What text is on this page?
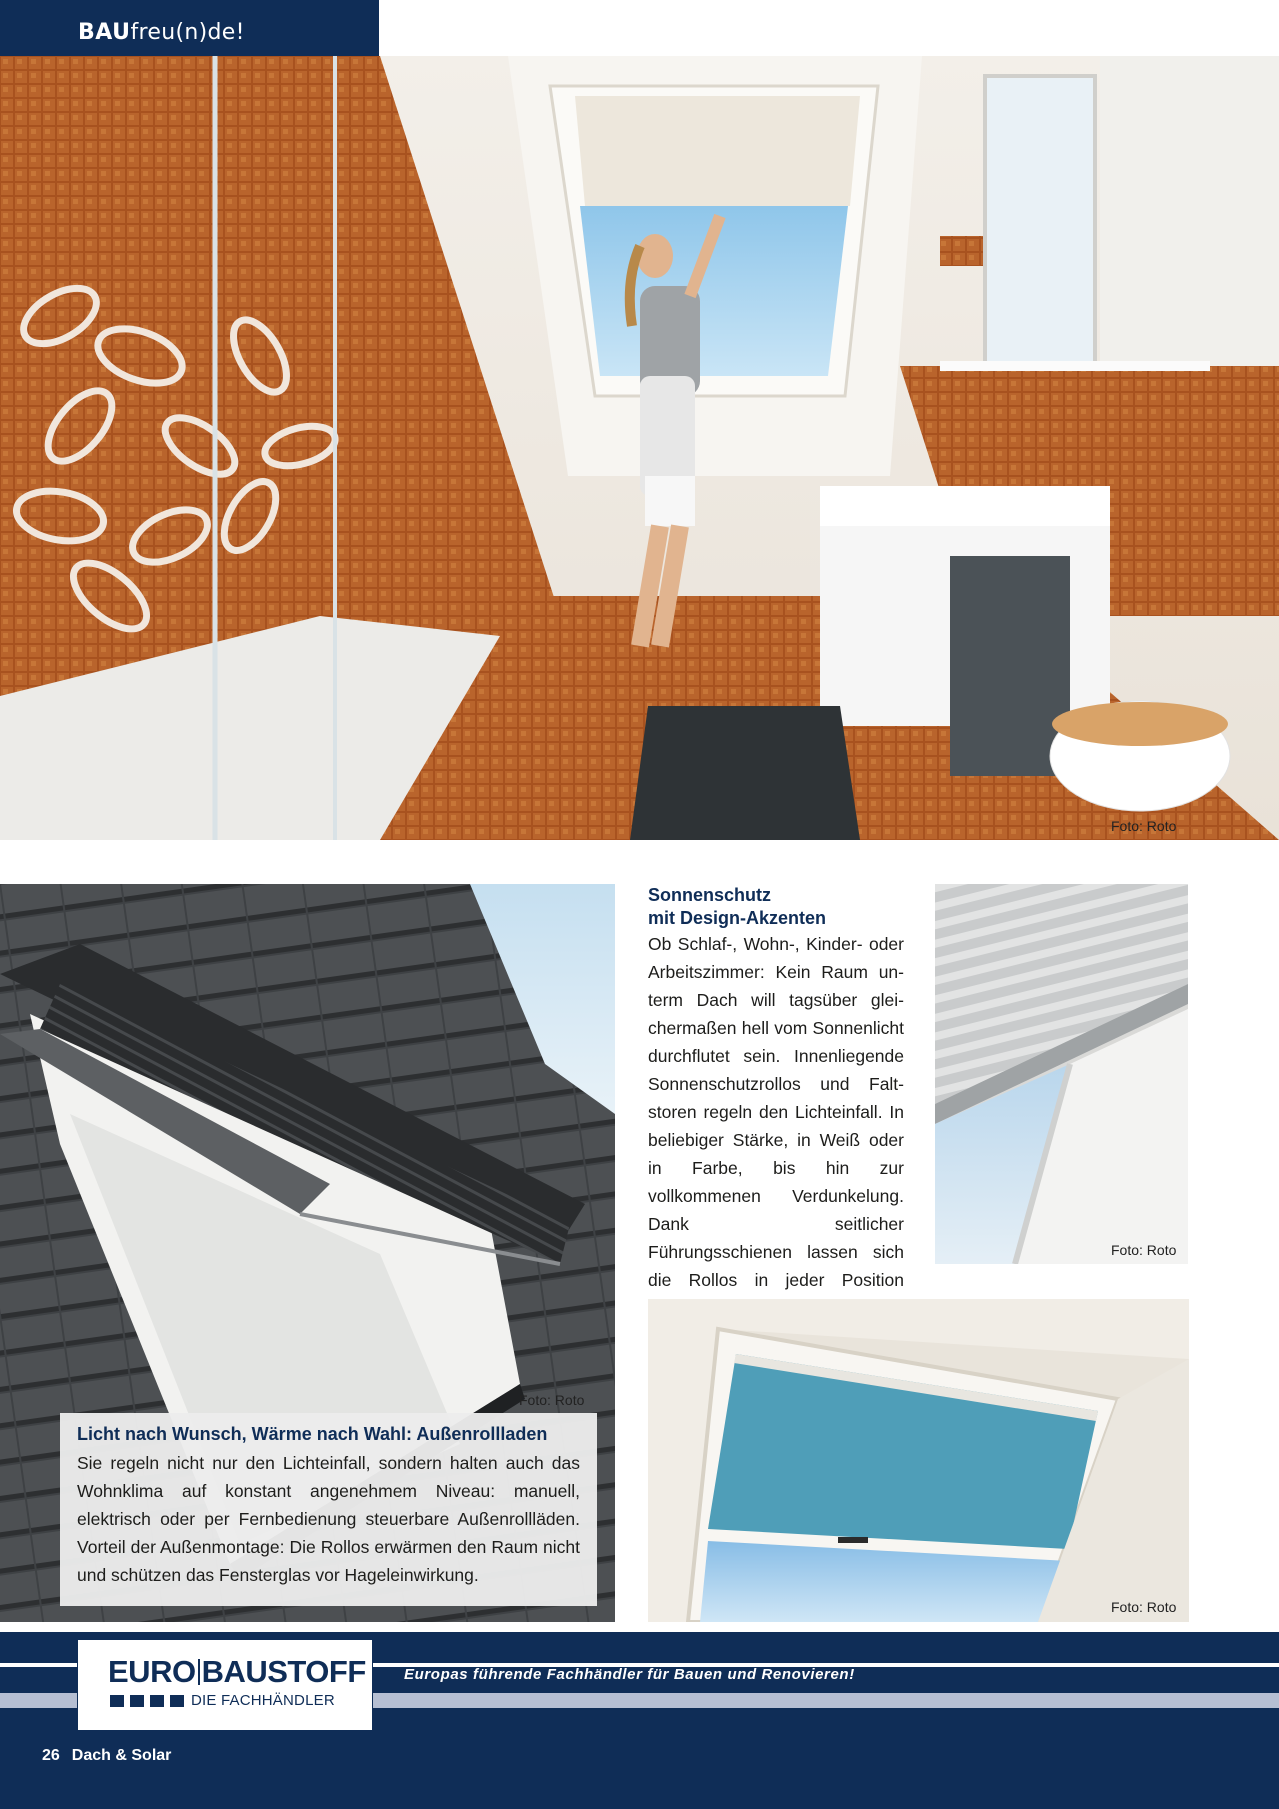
BAUfreu(n)de!
Foto: Roto
Foto: Roto
Licht nach Wunsch, Wärme nach Wahl: Außenrollladen
Sie regeln nicht nur den Lichteinfall, sondern halten auch das Wohnklima auf konstant angenehmem Niveau: manuell, elektrisch oder per Fernbedienung steuerbare Außenrollläden. Vorteil der Außenmontage: Die Rollos erwärmen den Raum nicht und schützen das Fensterglas vor Hageleinwirkung.
Sonnenschutz
mit Design-Akzenten
Ob Schlaf-, Wohn-, Kinder- oder Arbeitszimmer: Kein Raum unterm Dach will tagsüber gleichermaßen hell vom Sonnenlicht durchflutet sein. Innenliegende Sonnenschutzrollos und Faltstoren regeln den Lichteinfall. In beliebiger Stärke, in Weiß oder in Farbe, bis hin zur vollkommenen Verdunkelung. Dank seitlicher Führungsschienen lassen sich die Rollos in jeder Position
Foto: Roto
Foto: Roto
Europas führende Fachhändler für Bauen und Renovieren!
EURO BAUSTOFF
DIE FACHHÄNDLER
26 Dach & Solar
